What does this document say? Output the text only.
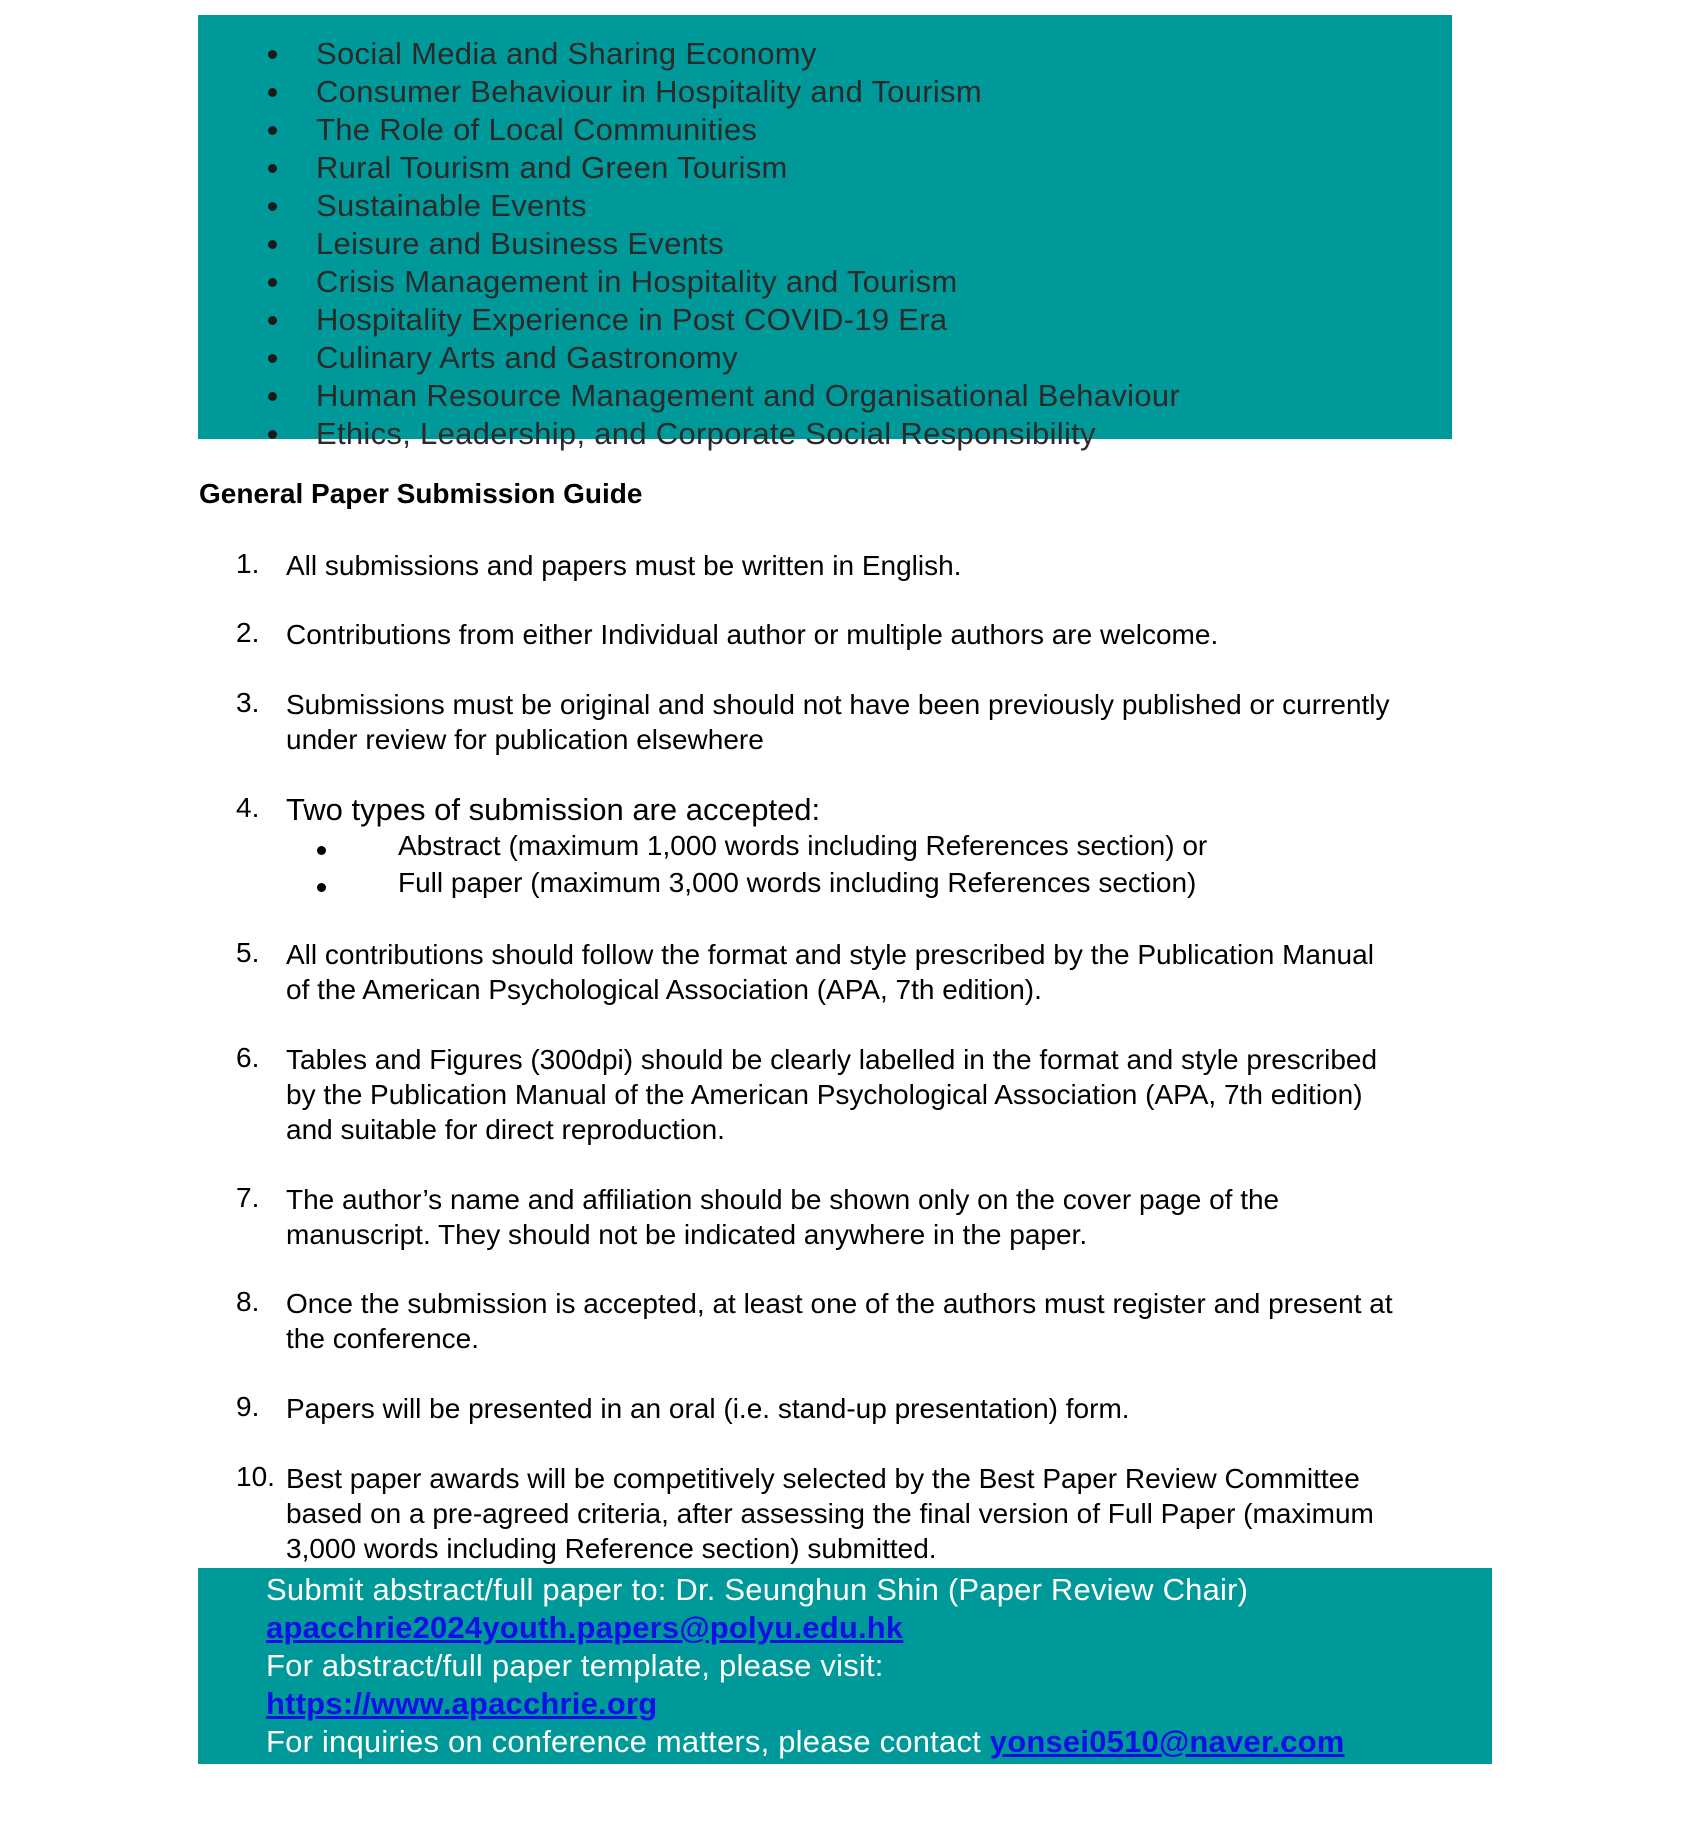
Social Media and Sharing Economy
Consumer Behaviour in Hospitality and Tourism
The Role of Local Communities
Rural Tourism and Green Tourism
Sustainable Events
Leisure and Business Events
Crisis Management in Hospitality and Tourism
Hospitality Experience in Post COVID-19 Era
Culinary Arts and Gastronomy
Human Resource Management and Organisational Behaviour
Ethics, Leadership, and Corporate Social Responsibility
General Paper Submission Guide
1. All submissions and papers must be written in English.
2. Contributions from either Individual author or multiple authors are welcome.
3. Submissions must be original and should not have been previously published or currently
under review for publication elsewhere
4. Two types of submission are accepted:
Abstract (maximum 1,000 words including References section) or
Full paper (maximum 3,000 words including References section)
5. All contributions should follow the format and style prescribed by the Publication Manual
of the American Psychological Association (APA, 7th edition).
6. Tables and Figures (300dpi) should be clearly labelled in the format and style prescribed
by the Publication Manual of the American Psychological Association (APA, 7th edition)
and suitable for direct reproduction.
7. The author’s name and affiliation should be shown only on the cover page of the
manuscript. They should not be indicated anywhere in the paper.
8. Once the submission is accepted, at least one of the authors must register and present at
the conference.
9. Papers will be presented in an oral (i.e. stand-up presentation) form.
10. Best paper awards will be competitively selected by the Best Paper Review Committee
based on a pre-agreed criteria, after assessing the final version of Full Paper (maximum
3,000 words including Reference section) submitted.
Submit abstract/full paper to: Dr. Seunghun Shin (Paper Review Chair)
apacchrie2024youth.papers@polyu.edu.hk
For abstract/full paper template, please visit:
https://www.apacchrie.org
For inquiries on conference matters, please contact yonsei0510@naver.com
